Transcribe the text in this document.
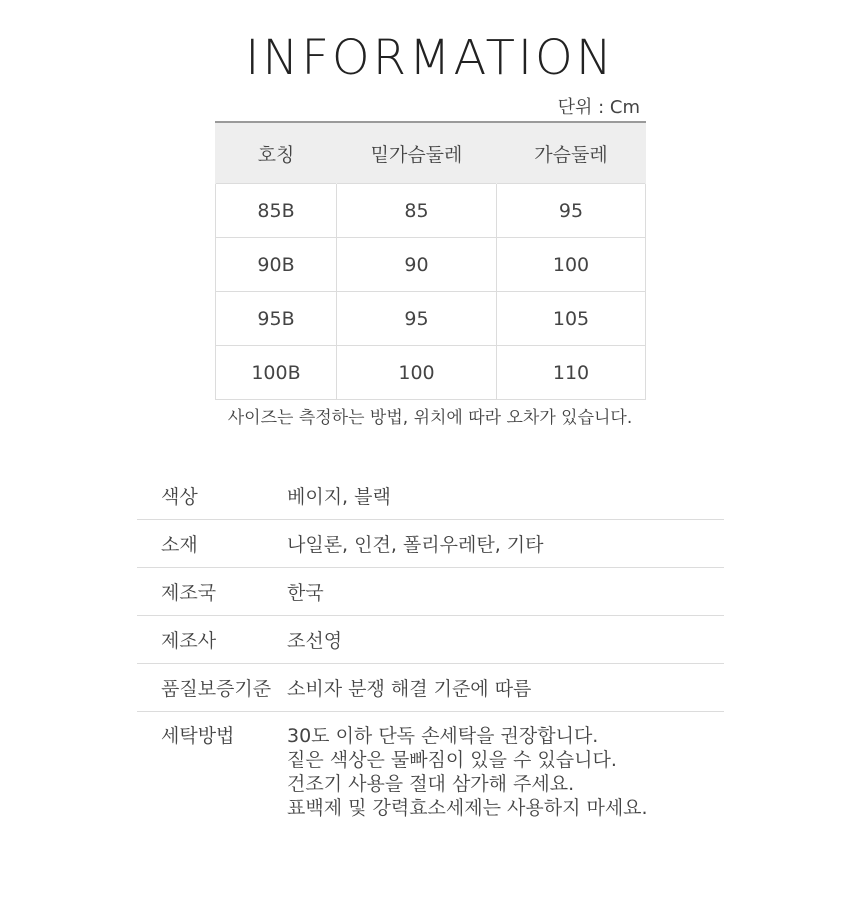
INFORMATION
단위 : Cm
호칭	밑가슴둘레	가슴둘레
85B	85	95
90B	90	100
95B	95	105
100B	100	110
사이즈는 측정하는 방법, 위치에 따라 오차가 있습니다.
색상	베이지, 블랙
소재	나일론, 인견, 폴리우레탄, 기타
제조국	한국
제조사	조선영
품질보증기준 소비자 분쟁 해결 기준에 따름
세탁방법	30도 이하 단독 손세탁을 권장합니다.
짙은 색상은 물빠짐이 있을 수 있습니다.
건조기 사용을 절대 삼가해 주세요.
표백제 및 강력효소세제는 사용하지 마세요.
